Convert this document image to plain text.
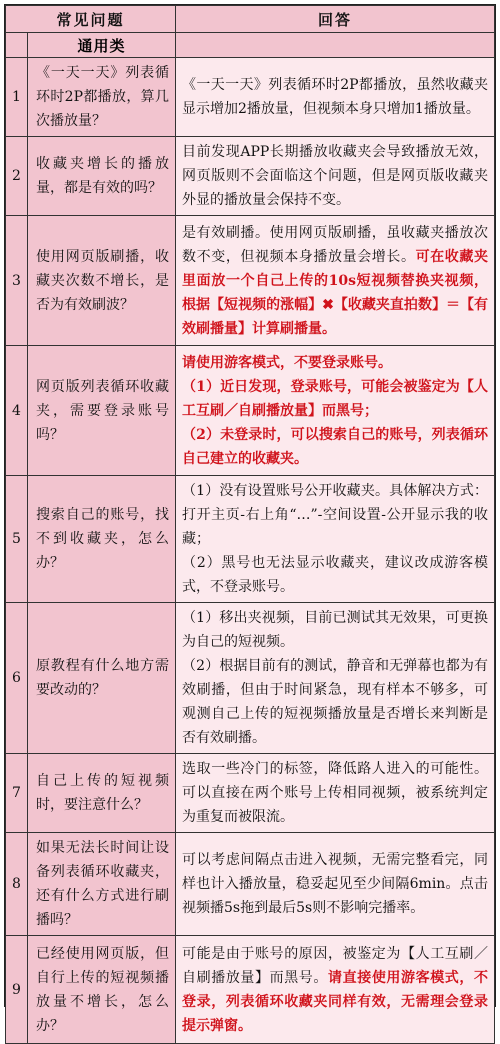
常见问题		回答
	通用类	
1	《一天一天》列表循环时2P都播放，算几次播放量？	《一天一天》列表循环时2P都播放，虽然收藏夹显示增加2播放量，但视频本身只增加1播放量。
2	收藏夹增长的播放量，都是有效的吗？	目前发现APP长期播放收藏夹会导致播放无效，网页版则不会面临这个问题，但是网页版收藏夹外显的播放量会保持不变。
3	使用网页版刷播，收藏夹次数不增长，是否为有效刷波？	是有效刷播。使用网页版刷播，虽收藏夹播放次数不变，但视频本身播放量会增长。可在收藏夹里面放一个自己上传的10s短视频替换夹视频，根据【短视频的涨幅】✖【收藏夹直拍数】＝【有效刷播量】计算刷播量。
4	网页版列表循环收藏夹，需要登录账号吗？	请使用游客模式，不要登录账号。
（1）近日发现，登录账号，可能会被鉴定为【人工互刷／自刷播放量】而黑号；
（2）未登录时，可以搜索自己的账号，列表循环自己建立的收藏夹。
5	搜索自己的账号，找不到收藏夹，怎么办？	（1）没有设置账号公开收藏夹。具体解决方式：打开主页-右上角“…”-空间设置-公开显示我的收藏；
（2）黑号也无法显示收藏夹，建议改成游客模式，不登录账号。
6	原教程有什么地方需要改动的？	（1）移出夹视频，目前已测试其无效果，可更换为自己的短视频。
（2）根据目前有的测试，静音和无弹幕也都为有效刷播，但由于时间紧急，现有样本不够多，可观测自己上传的短视频播放量是否增长来判断是否有效刷播。
7	自己上传的短视频时，要注意什么？	选取一些冷门的标签，降低路人进入的可能性。可以直接在两个账号上传相同视频，被系统判定为重复而被限流。
8	如果无法长时间让设备列表循环收藏夹，还有什么方式进行刷播吗？	可以考虑间隔点击进入视频，无需完整看完，同样也计入播放量，稳妥起见至少间隔6min。点击视频播5s拖到最后5s则不影响完播率。
9	已经使用网页版，但自行上传的短视频播放量不增长，怎么办？	可能是由于账号的原因，被鉴定为【人工互刷／自刷播放量】而黑号。请直接使用游客模式，不登录，列表循环收藏夹同样有效，无需理会登录提示弹窗。
